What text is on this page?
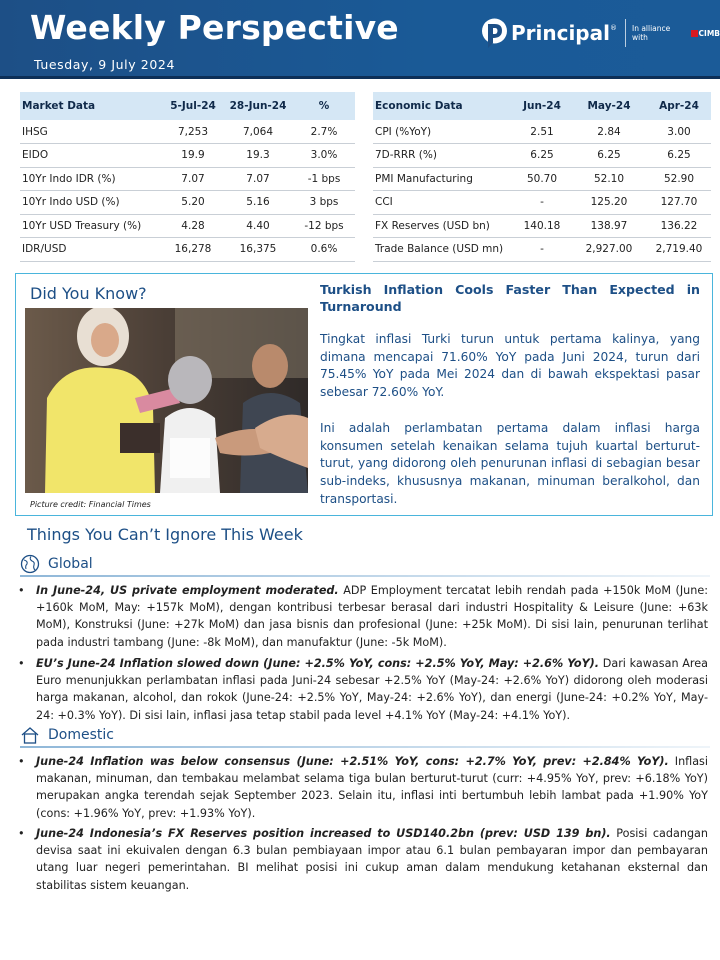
Weekly Perspective
Tuesday, 9 July 2024
Principal ® In alliance with	CIMB
Market Data	5-Jul-24	28-Jun-24	%
IHSG	7,253	7,064	2.7%
EIDO	19.9	19.3	3.0%
10Yr Indo IDR (%)	7.07	7.07	-1 bps
10Yr Indo USD (%)	5.20	5.16	3 bps
10Yr USD Treasury (%)	4.28	4.40	-12 bps
IDR/USD	16,278	16,375	0.6%
Economic Data	Jun-24	May-24	Apr-24
CPI (%YoY)	2.51	2.84	3.00
7D-RRR (%)	6.25	6.25	6.25
PMI Manufacturing	50.70	52.10	52.90
CCI	-	125.20	127.70
FX Reserves (USD bn)	140.18	138.97	136.22
Trade Balance (USD mn)	-	2,927.00	2,719.40
Did You Know?
Picture credit: Financial Times
Turkish Inflation Cools Faster Than Expected in Turnaround
Tingkat inflasi Turki turun untuk pertama kalinya, yang dimana mencapai 71.60% YoY pada Juni 2024, turun dari 75.45% YoY pada Mei 2024 dan di bawah ekspektasi pasar sebesar 72.60% YoY.
Ini adalah perlambatan pertama dalam inflasi harga konsumen setelah kenaikan selama tujuh kuartal berturut-turut, yang didorong oleh penurunan inflasi di sebagian besar sub-indeks, khususnya makanan, minuman beralkohol, dan transportasi.
Things You Can’t Ignore This Week
Global
•	In June-24, US private employment moderated. ADP Employment tercatat lebih rendah pada +150k MoM (June: +160k MoM, May: +157k MoM), dengan kontribusi terbesar berasal dari industri Hospitality & Leisure (June: +63k MoM), Konstruksi (June: +27k MoM) dan jasa bisnis dan profesional (June: +25k MoM). Di sisi lain, penurunan terlihat pada industri tambang (June: -8k MoM), dan manufaktur (June: -5k MoM).
•	EU’s June-24 Inflation slowed down (June: +2.5% YoY, cons: +2.5% YoY, May: +2.6% YoY). Dari kawasan Area Euro menunjukkan perlambatan inflasi pada Juni-24 sebesar +2.5% YoY (May-24: +2.6% YoY) didorong oleh moderasi harga makanan, alcohol, dan rokok (June-24: +2.5% YoY, May-24: +2.6% YoY), dan energi (June-24: +0.2% YoY, May-24: +0.3% YoY). Di sisi lain, inflasi jasa tetap stabil pada level +4.1% YoY (May-24: +4.1% YoY).
Domestic
•	June-24 Inflation was below consensus (June: +2.51% YoY, cons: +2.7% YoY, prev: +2.84% YoY). Inflasi makanan, minuman, dan tembakau melambat selama tiga bulan berturut-turut (curr: +4.95% YoY, prev: +6.18% YoY) merupakan angka terendah sejak September 2023. Selain itu, inflasi inti bertumbuh lebih lambat pada +1.90% YoY (cons: +1.96% YoY, prev: +1.93% YoY).
•	June-24 Indonesia’s FX Reserves position increased to USD140.2bn (prev: USD 139 bn). Posisi cadangan devisa saat ini ekuivalen dengan 6.3 bulan pembiayaan impor atau 6.1 bulan pembayaran impor dan pembayaran utang luar negeri pemerintahan. BI melihat posisi ini cukup aman dalam mendukung ketahanan eksternal dan stabilitas sistem keuangan.
